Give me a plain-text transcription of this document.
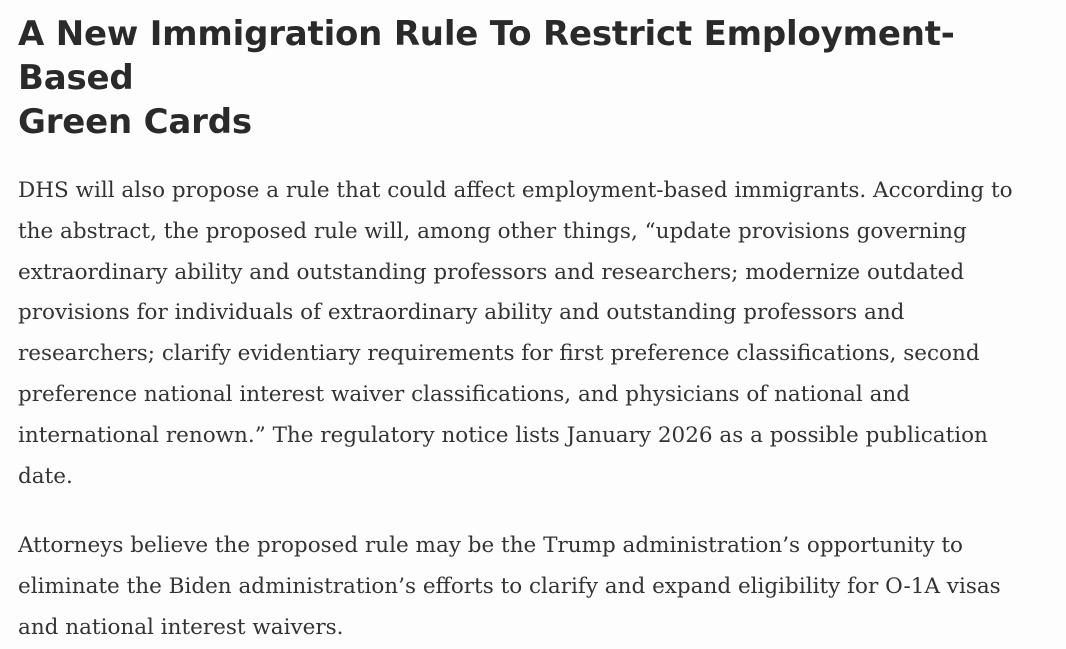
A New Immigration Rule To Restrict Employment-Based
Green Cards

DHS will also propose a rule that could affect employment-based immigrants. According to
the abstract, the proposed rule will, among other things, “update provisions governing
extraordinary ability and outstanding professors and researchers; modernize outdated
provisions for individuals of extraordinary ability and outstanding professors and
researchers; clarify evidentiary requirements for first preference classifications, second
preference national interest waiver classifications, and physicians of national and
international renown.” The regulatory notice lists January 2026 as a possible publication
date.

Attorneys believe the proposed rule may be the Trump administration’s opportunity to
eliminate the Biden administration’s efforts to clarify and expand eligibility for O-1A visas
and national interest waivers.
